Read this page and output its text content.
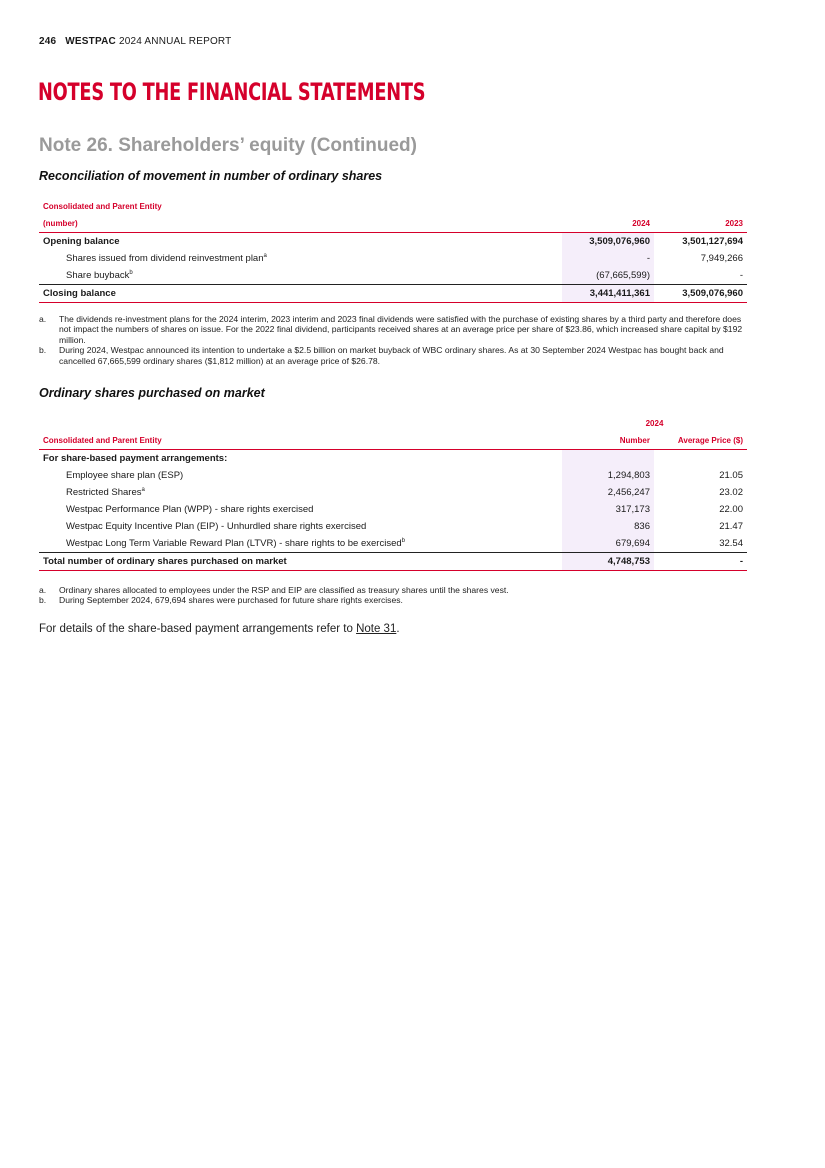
246 WESTPAC 2024 ANNUAL REPORT
NOTES TO THE FINANCIAL STATEMENTS
Note 26. Shareholders’ equity (Continued)
Reconciliation of movement in number of ordinary shares
Consolidated and Parent Entity		
(number)	2024	2023
Opening balance	3,509,076,960	3,501,127,694
Shares issued from dividend reinvestment plan$^a$	-	7,949,266
Share buyback$^b$	(67,665,599)	-
Closing balance	3,441,411,361	3,509,076,960
a.	The dividends re-investment plans for the 2024 interim, 2023 interim and 2023 final dividends were satisfied with the purchase of existing shares by a third party and therefore does not impact the numbers of shares on issue. For the 2022 final dividend, participants received shares at an average price per share of $23.86, which increased share capital by $192 million.
b.	During 2024, Westpac announced its intention to undertake a $2.5 billion on market buyback of WBC ordinary shares. As at 30 September 2024 Westpac has bought back and cancelled 67,665,599 ordinary shares ($1,812 million) at an average price of $26.78.
Ordinary shares purchased on market
	2024	
Consolidated and Parent Entity	Number	Average Price ($)
For share-based payment arrangements:		
Employee share plan (ESP)	1,294,803	21.05
Restricted Shares$^a$	2,456,247	23.02
Westpac Performance Plan (WPP) - share rights exercised	317,173	22.00
Westpac Equity Incentive Plan (EIP) - Unhurdled share rights exercised	836	21.47
Westpac Long Term Variable Reward Plan (LTVR) - share rights to be exercised$^b$	679,694	32.54
Total number of ordinary shares purchased on market	4,748,753	-
a.	Ordinary shares allocated to employees under the RSP and EIP are classified as treasury shares until the shares vest.
b.	During September 2024, 679,694 shares were purchased for future share rights exercises.
For details of the share-based payment arrangements refer to Note 31.
